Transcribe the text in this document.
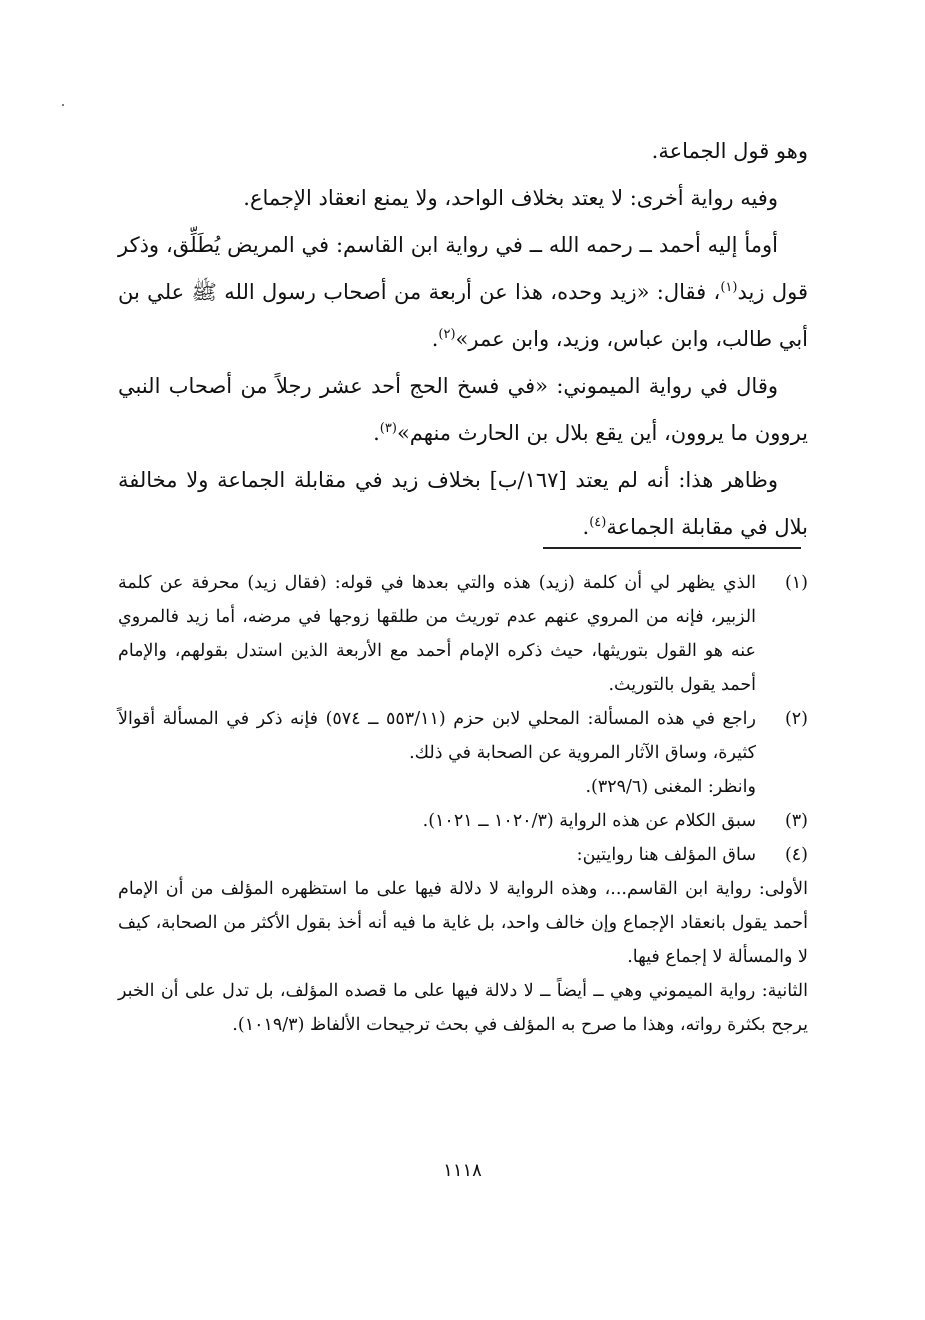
وهو قول الجماعة.

وفيه رواية أخرى: لا يعتد بخلاف الواحد، ولا يمنع انعقاد الإجماع.

أومأ إليه أحمد ــ رحمه الله ــ في رواية ابن القاسم: في المريض يُطَلِّق، وذكر قول زيد$^{(١)}$، فقال: «زيد وحده، هذا عن أربعة من أصحاب رسول الله ﷺ علي بن أبي طالب، وابن عباس، وزيد، وابن عمر»$^{(٢)}$.

وقال في رواية الميموني: «في فسخ الحج أحد عشر رجلاً من أصحاب النبي يروون ما يروون، أين يقع بلال بن الحارث منهم»$^{(٣)}$.

وظاهر هذا: أنه لم يعتد [١٦٧/ب] بخلاف زيد في مقابلة الجماعة ولا مخالفة بلال في مقابلة الجماعة$^{(٤)}$.

(١)

الذي يظهر لي أن كلمة (زيد) هذه والتي بعدها في قوله: (فقال زيد) محرفة عن كلمة الزبير، فإنه من المروي عنهم عدم توريث من طلقها زوجها في مرضه، أما زيد فالمروي عنه هو القول بتوريثها، حيث ذكره الإمام أحمد مع الأربعة الذين استدل بقولهم، والإمام أحمد يقول بالتوريث.

(٢)

راجع في هذه المسألة: المحلي لابن حزم (٥٥٣/١١ ــ ٥٧٤) فإنه ذكر في المسألة أقوالاً كثيرة، وساق الآثار المروية عن الصحابة في ذلك.

وانظر: المغنى (٣٢٩/٦).

(٣)

سبق الكلام عن هذه الرواية (١٠٢٠/٣ ــ ١٠٢١).

(٤)

ساق المؤلف هنا روايتين:

الأولى: رواية ابن القاسم...، وهذه الرواية لا دلالة فيها على ما استظهره المؤلف من أن الإمام أحمد يقول بانعقاد الإجماع وإن خالف واحد، بل غاية ما فيه أنه أخذ بقول الأكثر من الصحابة، كيف لا والمسألة لا إجماع فيها.

الثانية: رواية الميموني وهي ــ أيضاً ــ لا دلالة فيها على ما قصده المؤلف، بل تدل على أن الخبر يرجح بكثرة رواته، وهذا ما صرح به المؤلف في بحث ترجيحات الألفاظ (١٠١٩/٣).

١١١٨
